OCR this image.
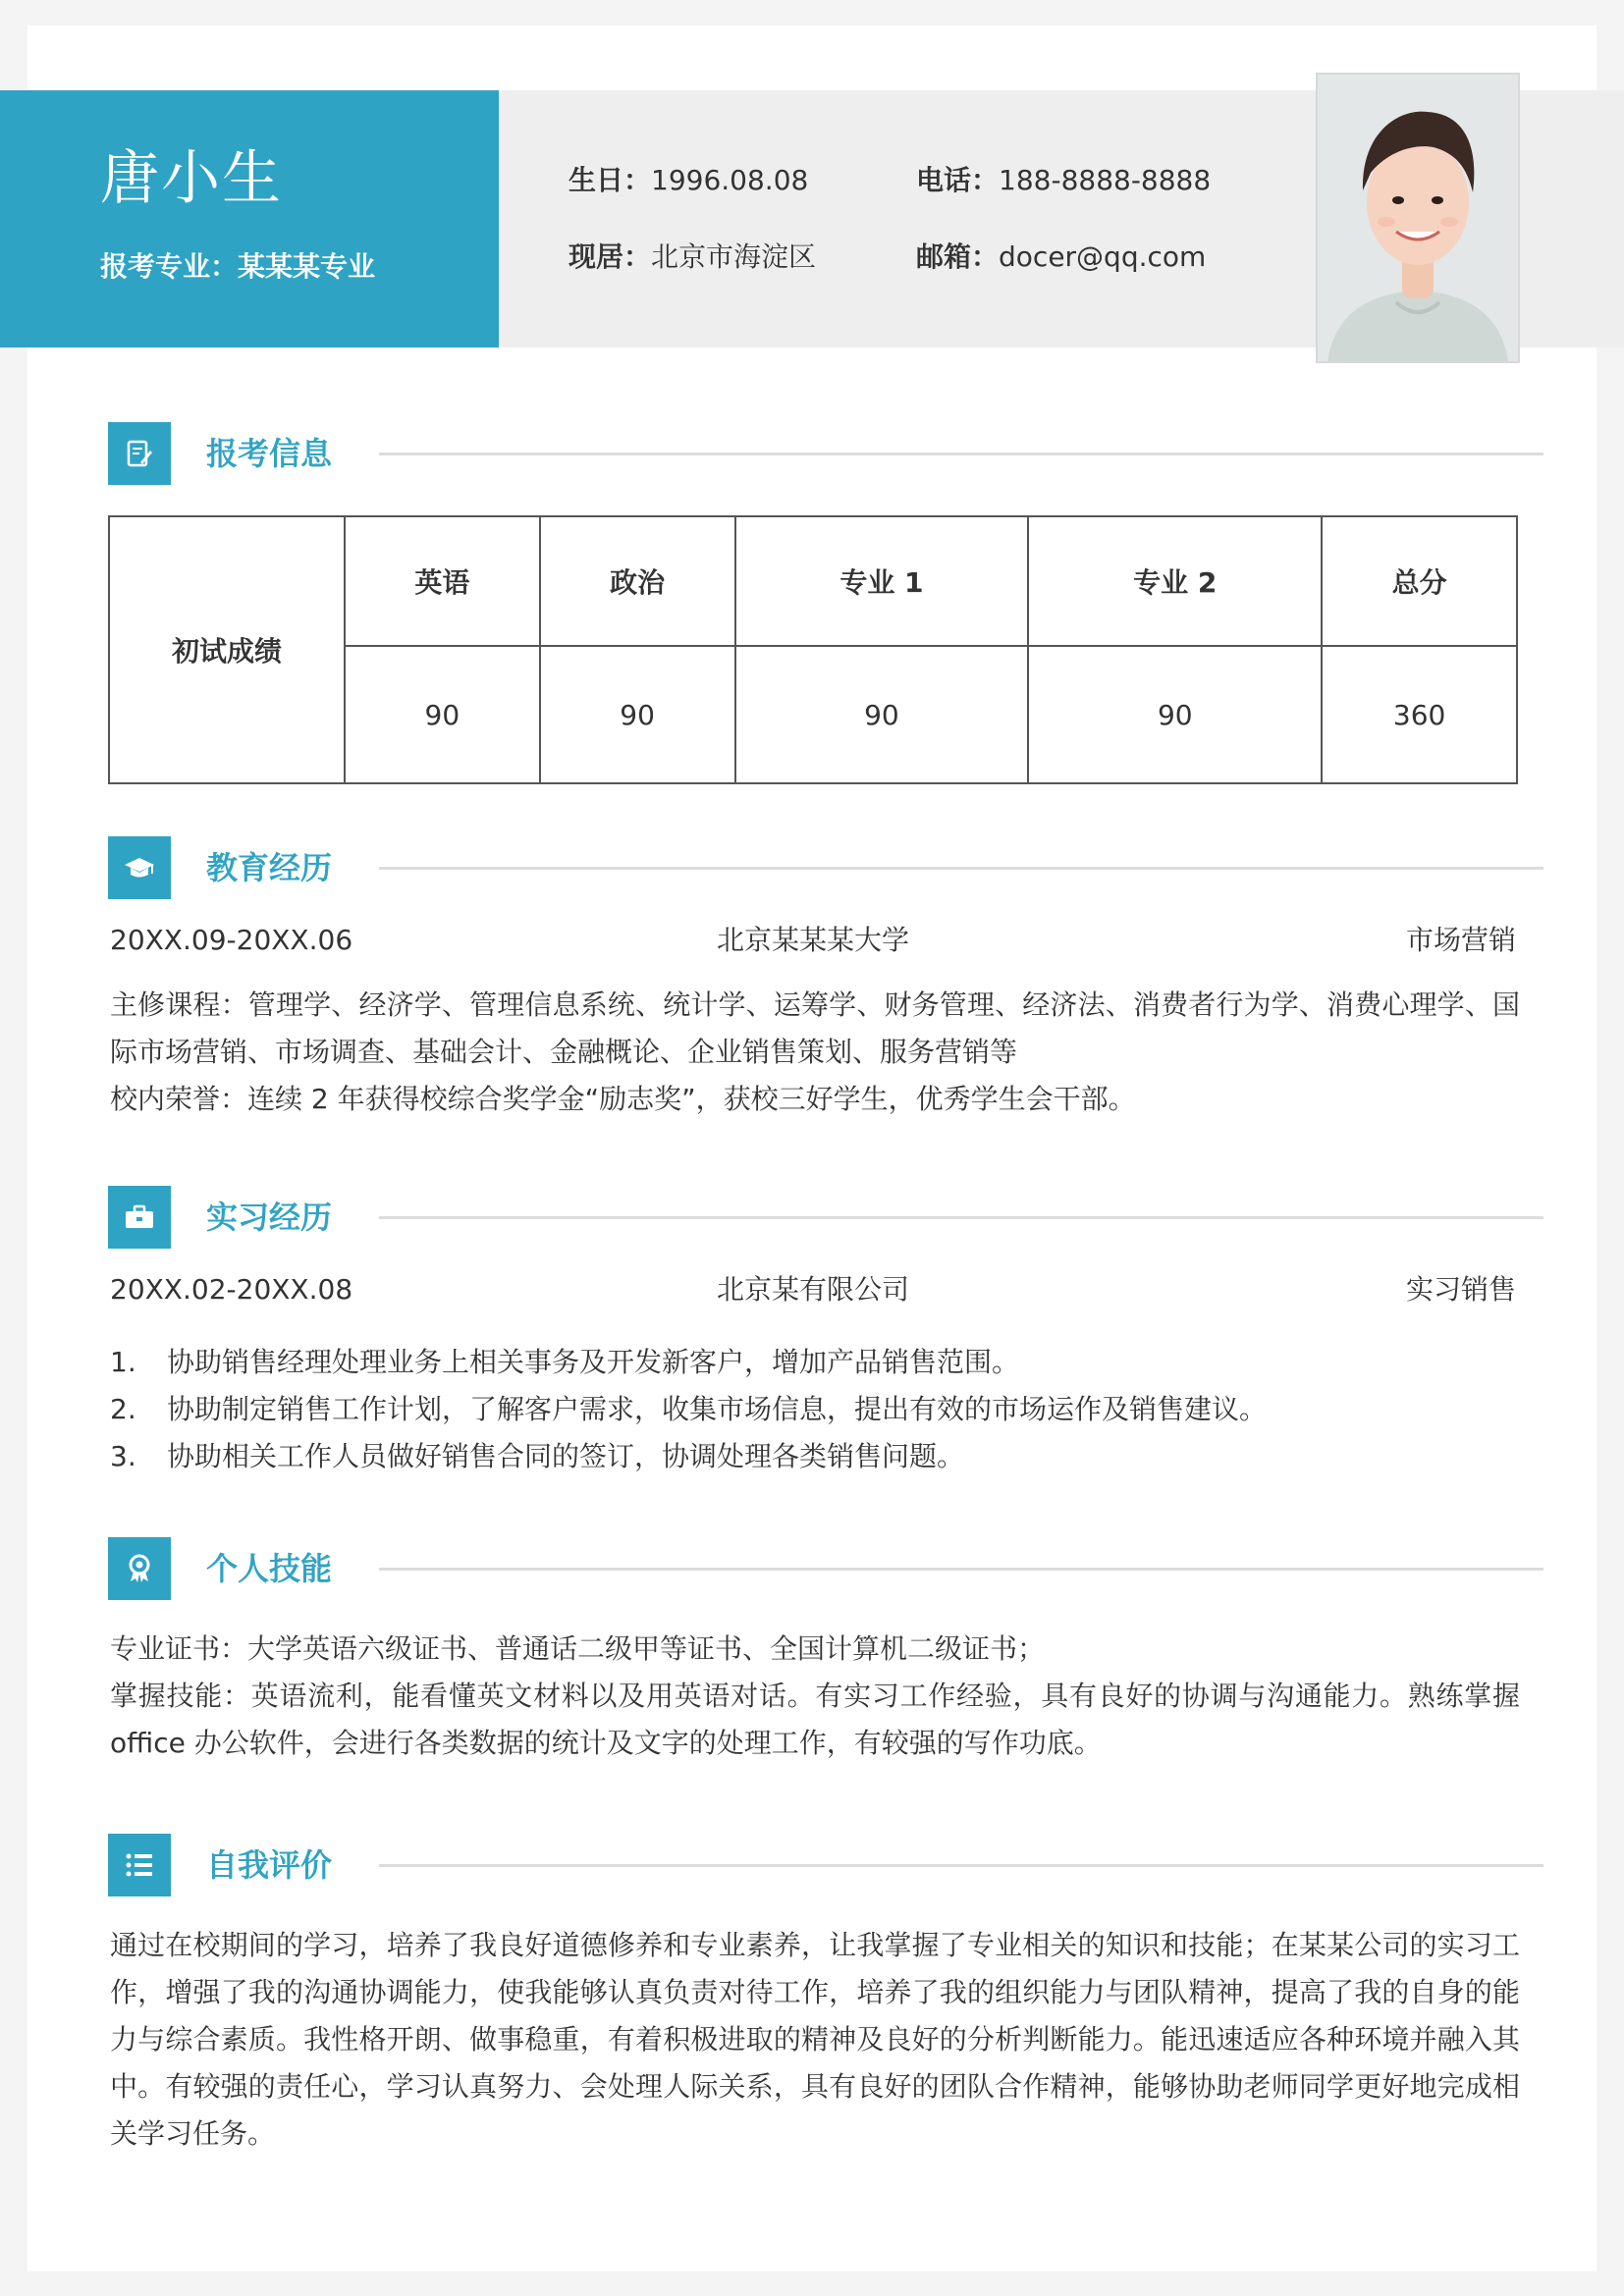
唐小生
报考专业：某某某专业
生日：1996.08.08	电话：188-8888-8888
现居：北京市海淀区	邮箱：docer@qq.com
报考信息
初试成绩	英语	政治	专业 1	专业 2	总分
	90	90	90	90	360
教育经历
20XX.09-20XX.06	北京某某某大学	市场营销

主修课程：管理学、经济学、管理信息系统、统计学、运筹学、财务管理、经济法、消费者行为学、消费心理学、国际市场营销、市场调查、基础会计、金融概论、企业销售策划、服务营销等

校内荣誉：连续 2 年获得校综合奖学金“励志奖”，获校三好学生，优秀学生会干部。

实习经历
20XX.02-20XX.08	北京某有限公司	实习销售
1. 协助销售经理处理业务上相关事务及开发新客户，增加产品销售范围。
2. 协助制定销售工作计划，了解客户需求，收集市场信息，提出有效的市场运作及销售建议。
3. 协助相关工作人员做好销售合同的签订，协调处理各类销售问题。
个人技能

专业证书：大学英语六级证书、普通话二级甲等证书、全国计算机二级证书；

掌握技能：英语流利，能看懂英文材料以及用英语对话。有实习工作经验，具有良好的协调与沟通能力。熟练掌握 office 办公软件，会进行各类数据的统计及文字的处理工作，有较强的写作功底。

自我评价

通过在校期间的学习，培养了我良好道德修养和专业素养，让我掌握了专业相关的知识和技能；在某某公司的实习工作，增强了我的沟通协调能力，使我能够认真负责对待工作，培养了我的组织能力与团队精神，提高了我的自身的能力与综合素质。我性格开朗、做事稳重，有着积极进取的精神及良好的分析判断能力。能迅速适应各种环境并融入其中。有较强的责任心，学习认真努力、会处理人际关系，具有良好的团队合作精神，能够协助老师同学更好地完成相关学习任务。
